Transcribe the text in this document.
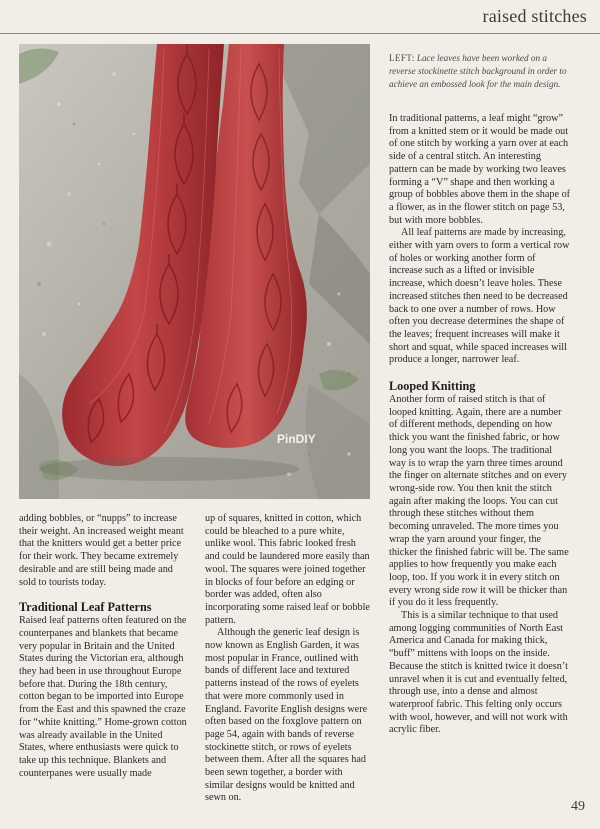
raised stitches
PinDIY
LEFT: Lace leaves have been worked on a reverse stockinette stitch background in order to achieve an embossed look for the main design.

In traditional patterns, a leaf might “grow” from a knitted stem or it would be made out of one stitch by working a yarn over at each side of a central stitch. An interesting pattern can be made by working two leaves forming a “V” shape and then working a group of bobbles above them in the shape of a flower, as in the flower stitch on page 53, but with more bobbles.

All leaf patterns are made by increasing, either with yarn overs to form a vertical row of holes or working another form of increase such as a lifted or invisible increase, which doesn’t leave holes. These increased stitches then need to be decreased back to one over a number of rows. How often you decrease determines the shape of the leaves; frequent increases will make it short and squat, while spaced increases will produce a longer, narrower leaf.

Looped Knitting

Another form of raised stitch is that of looped knitting. Again, there are a number of different methods, depending on how thick you want the finished fabric, or how long you want the loops. The traditional way is to wrap the yarn three times around the finger on alternate stitches and on every wrong-side row. You then knit the stitch again after making the loops. You can cut through these stitches without them becoming unraveled. The more times you wrap the yarn around your finger, the thicker the finished fabric will be. The same applies to how frequently you make each loop, too. If you work it in every stitch on every wrong side row it will be thicker than if you do it less frequently.

This is a similar technique to that used among logging communities of North East America and Canada for making thick, “buff” mittens with loops on the inside. Because the stitch is knitted twice it doesn’t unravel when it is cut and eventually felted, through use, into a dense and almost waterproof fabric. This felting only occurs with wool, however, and will not work with acrylic fiber.

adding bobbles, or “nupps” to increase their weight. An increased weight meant that the knitters would get a better price for their work. They became extremely desirable and are still being made and sold to tourists today.

Traditional Leaf Patterns

Raised leaf patterns often featured on the counterpanes and blankets that became very popular in Britain and the United States during the Victorian era, although they had been in use throughout Europe before that. During the 18th century, cotton began to be imported into Europe from the East and this spawned the craze for “white knitting.” Home-grown cotton was already available in the United States, where enthusiasts were quick to take up this technique. Blankets and counterpanes were usually made

up of squares, knitted in cotton, which could be bleached to a pure white, unlike wool. This fabric looked fresh and could be laundered more easily than wool. The squares were joined together in blocks of four before an edging or border was added, often also incorporating some raised leaf or bobble pattern.

Although the generic leaf design is now known as English Garden, it was most popular in France, outlined with bands of different lace and textured patterns instead of the rows of eyelets that were more commonly used in England. Favorite English designs were often based on the foxglove pattern on page 54, again with bands of reverse stockinette stitch, or rows of eyelets between them. After all the squares had been sewn together, a border with similar designs would be knitted and sewn on.

49
